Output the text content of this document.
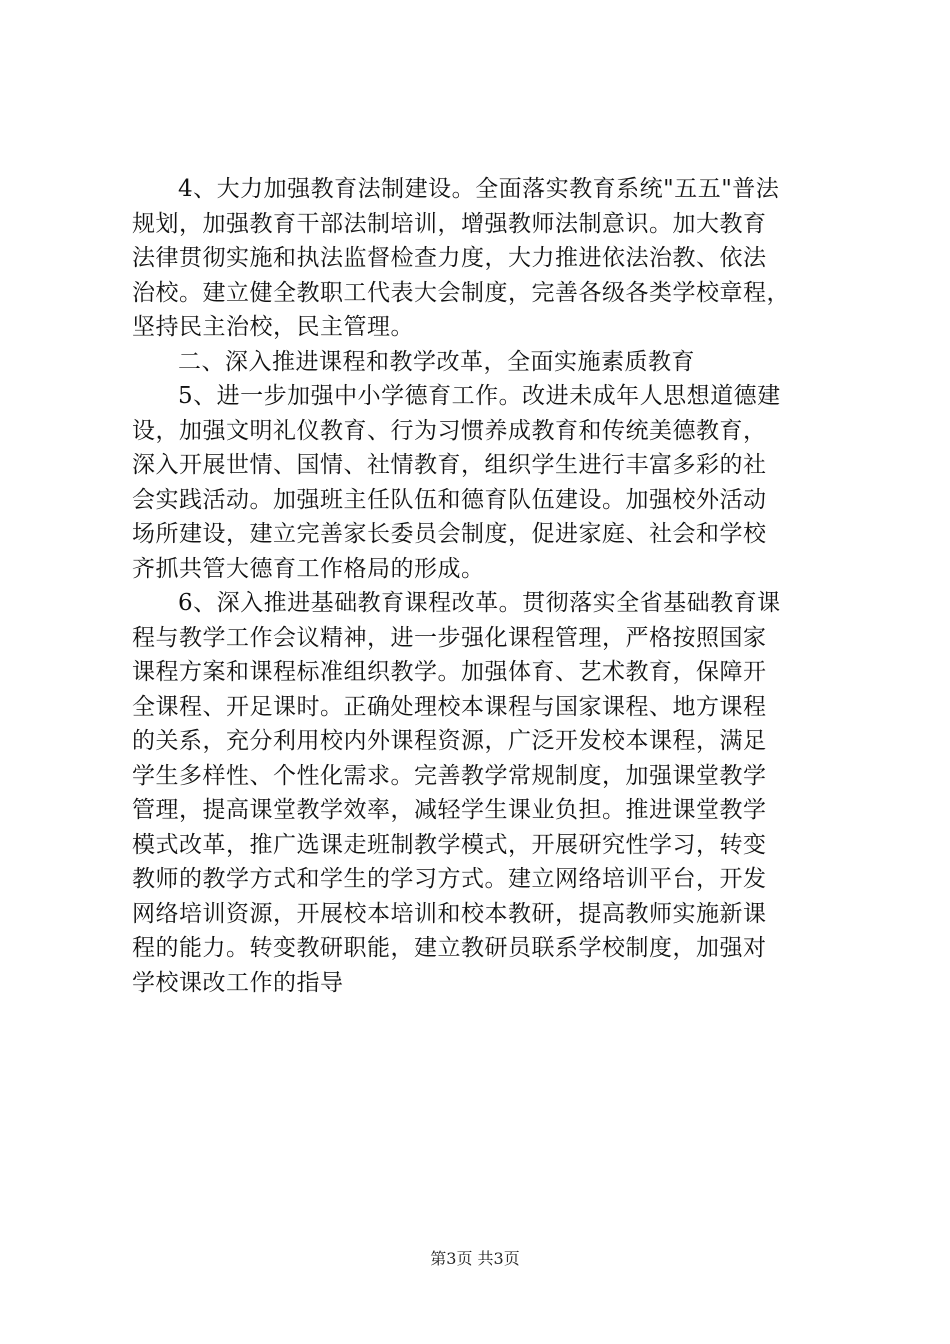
4、大力加强教育法制建设。全面落实教育系统"五五"普法
规划，加强教育干部法制培训，增强教师法制意识。加大教育
法律贯彻实施和执法监督检查力度，大力推进依法治教、依法
治校。建立健全教职工代表大会制度，完善各级各类学校章程，
坚持民主治校，民主管理。
二、深入推进课程和教学改革，全面实施素质教育
5、进一步加强中小学德育工作。改进未成年人思想道德建
设，加强文明礼仪教育、行为习惯养成教育和传统美德教育，
深入开展世情、国情、社情教育，组织学生进行丰富多彩的社
会实践活动。加强班主任队伍和德育队伍建设。加强校外活动
场所建设，建立完善家长委员会制度，促进家庭、社会和学校
齐抓共管大德育工作格局的形成。
6、深入推进基础教育课程改革。贯彻落实全省基础教育课
程与教学工作会议精神，进一步强化课程管理，严格按照国家
课程方案和课程标准组织教学。加强体育、艺术教育，保障开
全课程、开足课时。正确处理校本课程与国家课程、地方课程
的关系，充分利用校内外课程资源，广泛开发校本课程，满足
学生多样性、个性化需求。完善教学常规制度，加强课堂教学
管理，提高课堂教学效率，减轻学生课业负担。推进课堂教学
模式改革，推广选课走班制教学模式，开展研究性学习，转变
教师的教学方式和学生的学习方式。建立网络培训平台，开发
网络培训资源，开展校本培训和校本教研，提高教师实施新课
程的能力。转变教研职能，建立教研员联系学校制度，加强对
学校课改工作的指导
第3页 共3页
